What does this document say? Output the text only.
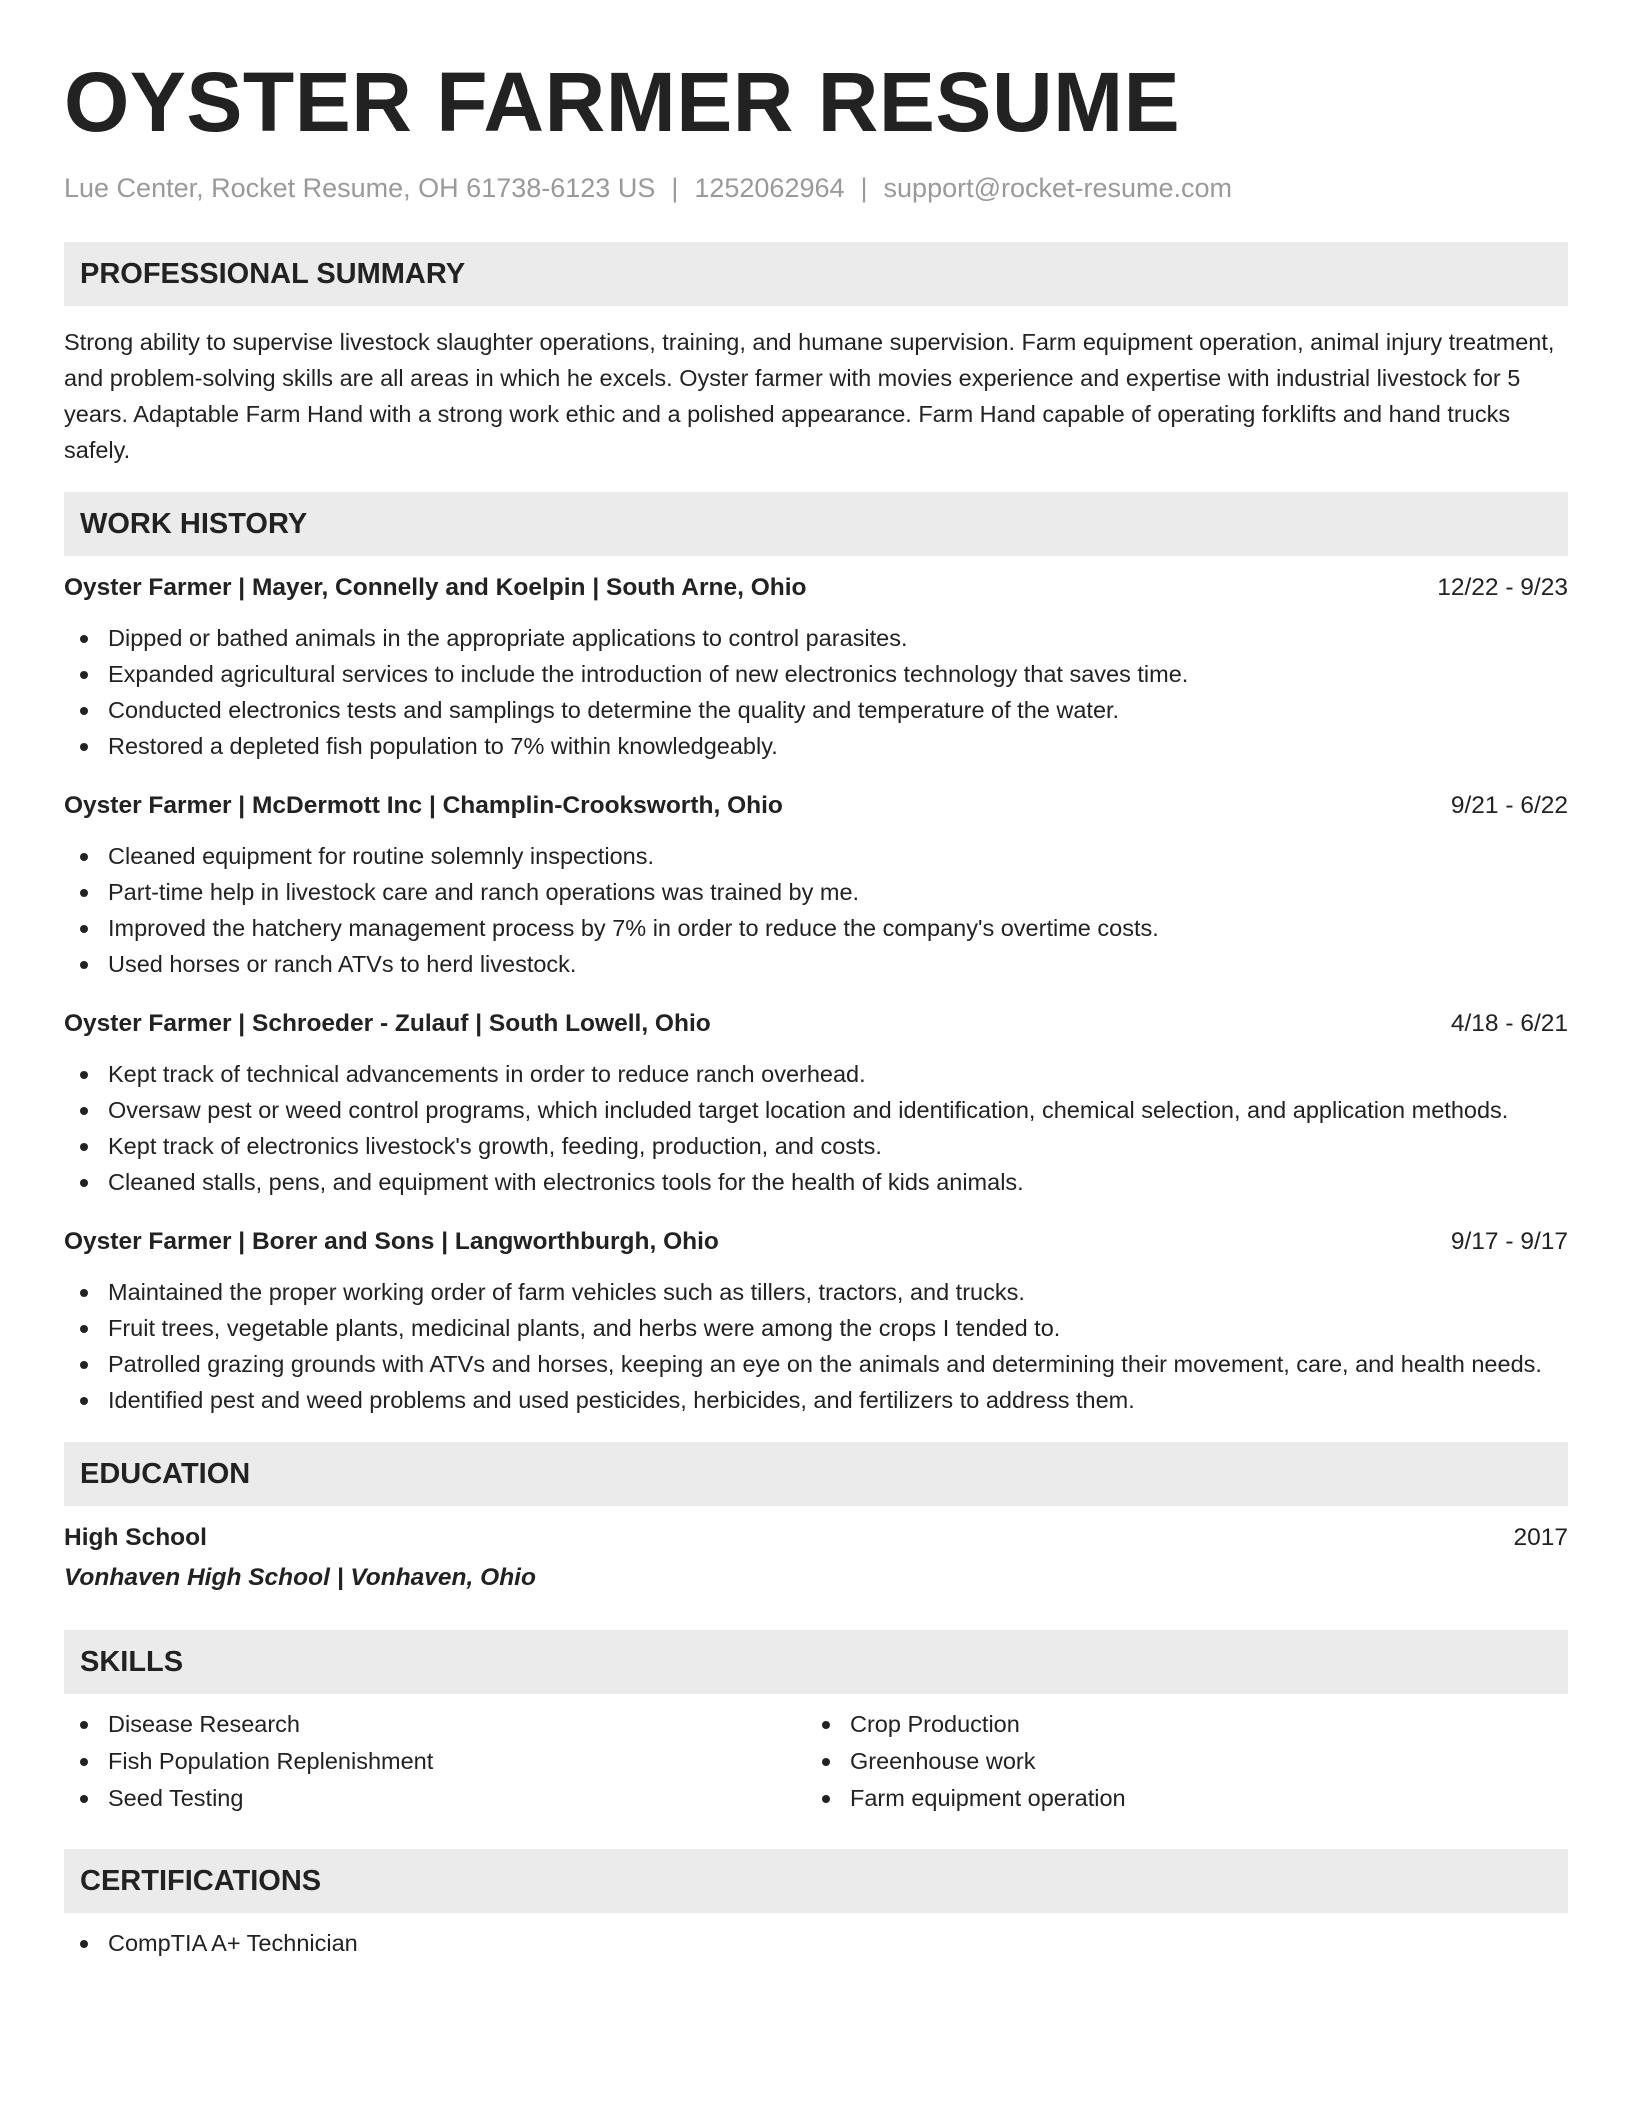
OYSTER FARMER RESUME
Lue Center, Rocket Resume, OH 61738-6123 US | 1252062964 | support@rocket-resume.com
PROFESSIONAL SUMMARY

Strong ability to supervise livestock slaughter operations, training, and humane supervision. Farm equipment operation, animal injury treatment, and problem-solving skills are all areas in which he excels. Oyster farmer with movies experience and expertise with industrial livestock for 5 years. Adaptable Farm Hand with a strong work ethic and a polished appearance. Farm Hand capable of operating forklifts and hand trucks safely.

WORK HISTORY
Oyster Farmer | Mayer, Connelly and Koelpin | South Arne, Ohio	12/22 - 9/23
Dipped or bathed animals in the appropriate applications to control parasites.
Expanded agricultural services to include the introduction of new electronics technology that saves time.
Conducted electronics tests and samplings to determine the quality and temperature of the water.
Restored a depleted fish population to 7% within knowledgeably.
Oyster Farmer | McDermott Inc | Champlin-Crooksworth, Ohio	9/21 - 6/22
Cleaned equipment for routine solemnly inspections.
Part-time help in livestock care and ranch operations was trained by me.
Improved the hatchery management process by 7% in order to reduce the company's overtime costs.
Used horses or ranch ATVs to herd livestock.
Oyster Farmer | Schroeder - Zulauf | South Lowell, Ohio	4/18 - 6/21
Kept track of technical advancements in order to reduce ranch overhead.
Oversaw pest or weed control programs, which included target location and identification, chemical selection, and application methods.
Kept track of electronics livestock's growth, feeding, production, and costs.
Cleaned stalls, pens, and equipment with electronics tools for the health of kids animals.
Oyster Farmer | Borer and Sons | Langworthburgh, Ohio	9/17 - 9/17
Maintained the proper working order of farm vehicles such as tillers, tractors, and trucks.
Fruit trees, vegetable plants, medicinal plants, and herbs were among the crops I tended to.
Patrolled grazing grounds with ATVs and horses, keeping an eye on the animals and determining their movement, care, and health needs.
Identified pest and weed problems and used pesticides, herbicides, and fertilizers to address them.
EDUCATION
High School	2017
Vonhaven High School | Vonhaven, Ohio
SKILLS
Disease Research
Fish Population Replenishment
Seed Testing
Crop Production
Greenhouse work
Farm equipment operation
CERTIFICATIONS
CompTIA A+ Technician
